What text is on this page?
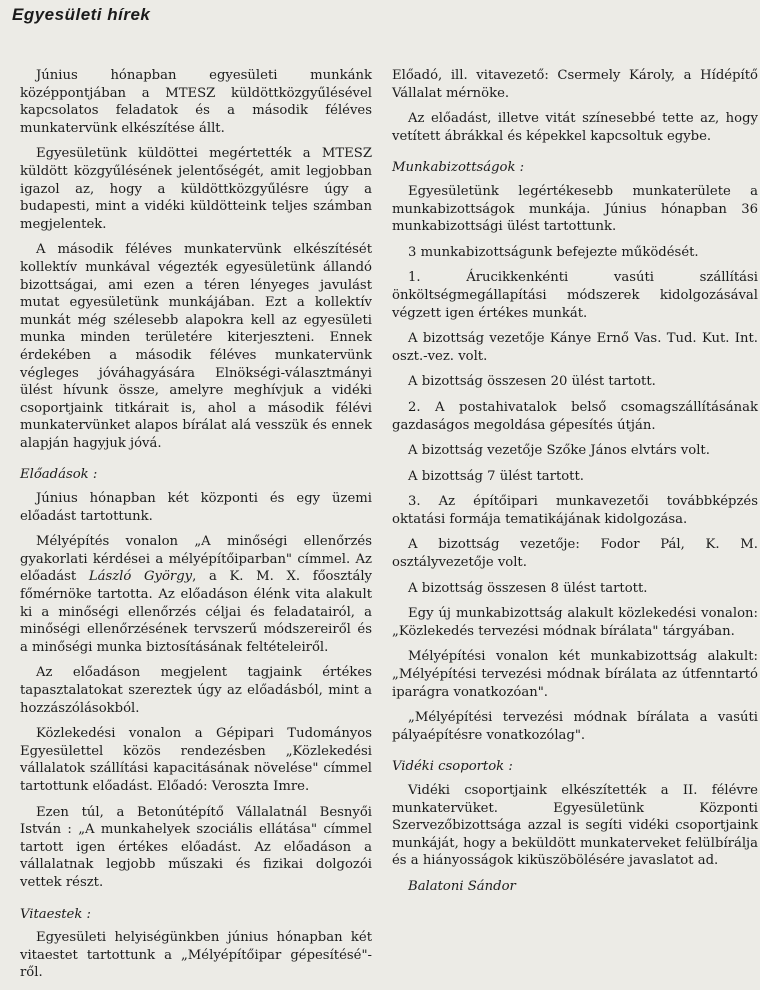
Egyesületi hírek

Június hónapban egyesületi munkánk középpontjában a MTESZ küldöttközgyűlésével kapcsolatos feladatok és a második féléves munkatervünk elkészítése állt.

Egyesületünk küldöttei megértették a MTESZ küldött közgyűlésének jelentőségét, amit legjobban igazol az, hogy a küldöttközgyűlésre úgy a budapesti, mint a vidéki küldötteink teljes számban megjelentek.

A második féléves munkatervünk elkészítését kollektív munkával végezték egyesületünk állandó bizottságai, ami ezen a téren lényeges javulást mutat egyesületünk munkájában. Ezt a kollektív munkát még szélesebb alapokra kell az egyesületi munka minden területére kiterjeszteni. Ennek érdekében a második féléves munkatervünk végleges jóváhagyására Elnökségi-választmányi ülést hívunk össze, amelyre meghívjuk a vidéki csoportjaink titkárait is, ahol a második félévi munkatervünket alapos bírálat alá vesszük és ennek alapján hagyjuk jóvá.

Előadások :

Június hónapban két központi és egy üzemi előadást tartottunk.

Mélyépítés vonalon „A minőségi ellenőrzés gyakorlati kérdései a mélyépítőiparban" címmel. Az előadást László György, a K. M. X. főosztály főmérnöke tartotta. Az előadáson élénk vita alakult ki a minőségi ellenőrzés céljai és feladatairól, a minőségi ellenőrzésének tervszerű módszereiről és a minőségi munka biztosításának feltételeiről.

Az előadáson megjelent tagjaink értékes tapasztalatokat szereztek úgy az előadásból, mint a hozzászólásokból.

Közlekedési vonalon a Gépipari Tudományos Egyesülettel közös rendezésben „Közlekedési vállalatok szállítási kapacitásának növelése" címmel tartottunk előadást. Előadó: Veroszta Imre.

Ezen túl, a Betonútépítő Vállalatnál Besnyői István : „A munkahelyek szociális ellátása" címmel tartott igen értékes előadást. Az előadáson a vállalatnak legjobb műszaki és fizikai dolgozói vettek részt.

Vitaestek :

Egyesületi helyiségünkben június hónapban két vitaestet tartottunk a „Mélyépítőipar gépesítésé"-ről.

Előadó, ill. vitavezető: Csermely Károly, a Hídépítő Vállalat mérnöke.

Az előadást, illetve vitát színesebbé tette az, hogy vetített ábrákkal és képekkel kapcsoltuk egybe.

Munkabizottságok :

Egyesületünk legértékesebb munkaterülete a munkabizottságok munkája. Június hónapban 36 munkabizottsági ülést tartottunk.

3 munkabizottságunk befejezte működését.

1. Árucikkenkénti vasúti szállítási önköltségmegállapítási módszerek kidolgozásával végzett igen értékes munkát.

A bizottság vezetője Kánye Ernő Vas. Tud. Kut. Int. oszt.-vez. volt.

A bizottság összesen 20 ülést tartott.

2. A postahivatalok belső csomagszállításának gazdaságos megoldása gépesítés útján.

A bizottság vezetője Szőke János elvtárs volt.

A bizottság 7 ülést tartott.

3. Az építőipari munkavezetői továbbképzés oktatási formája tematikájának kidolgozása.

A bizottság vezetője: Fodor Pál, K. M. osztályvezetője volt.

A bizottság összesen 8 ülést tartott.

Egy új munkabizottság alakult közlekedési vonalon: „Közlekedés tervezési módnak bírálata" tárgyában.

Mélyépítési vonalon két munkabizottság alakult: „Mélyépítési tervezési módnak bírálata az útfenntartó iparágra vonatkozóan".

„Mélyépítési tervezési módnak bírálata a vasúti pályaépítésre vonatkozólag".

Vidéki csoportok :

Vidéki csoportjaink elkészítették a II. félévre munkatervüket. Egyesületünk Központi Szervezőbizottsága azzal is segíti vidéki csoportjaink munkáját, hogy a beküldött munkaterveket felülbírálja és a hiányosságok kiküszöbölésére javaslatot ad.

Balatoni Sándor
